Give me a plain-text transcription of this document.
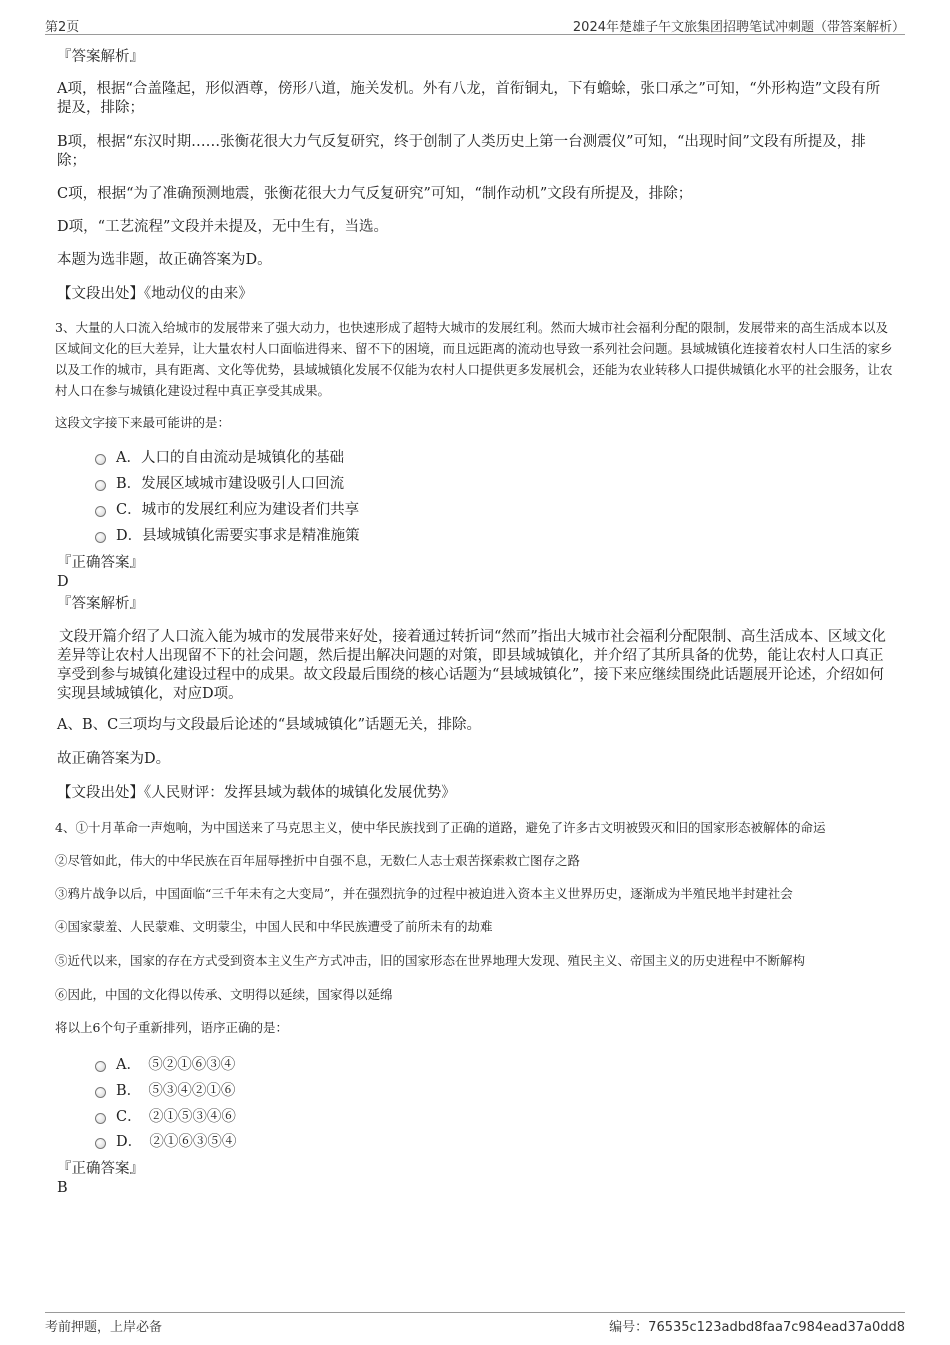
第2页	2024年楚雄子午文旅集团招聘笔试冲刺题（带答案解析）

『答案解析』

A项，根据“合盖隆起，形似酒尊，傍形八道，施关发机。外有八龙，首衔铜丸，下有蟾蜍，张口承之”可知，“外形构造”文段有所提及，排除；

B项，根据“东汉时期……张衡花很大力气反复研究，终于创制了人类历史上第一台测震仪”可知，“出现时间”文段有所提及，排除；

C项，根据“为了准确预测地震，张衡花很大力气反复研究”可知，“制作动机”文段有所提及，排除；

D项，“工艺流程”文段并未提及，无中生有，当选。

本题为选非题，故正确答案为D。

【文段出处】《地动仪的由来》

3、大量的人口流入给城市的发展带来了强大动力，也快速形成了超特大城市的发展红利。然而大城市社会福利分配的限制，发展带来的高生活成本以及区域间文化的巨大差异，让大量农村人口面临进得来、留不下的困境，而且远距离的流动也导致一系列社会问题。县域城镇化连接着农村人口生活的家乡以及工作的城市，具有距离、文化等优势，县域城镇化发展不仅能为农村人口提供更多发展机会，还能为农业转移人口提供城镇化水平的社会服务，让农村人口在参与城镇化建设过程中真正享受其成果。

这段文字接下来最可能讲的是：

A．人口的自由流动是城镇化的基础
B．发展区域城市建设吸引人口回流
C．城市的发展红利应为建设者们共享
D．县域城镇化需要实事求是精准施策

『正确答案』

D

『答案解析』

文段开篇介绍了人口流入能为城市的发展带来好处，接着通过转折词“然而”指出大城市社会福利分配限制、高生活成本、区域文化差异等让农村人出现留不下的社会问题，然后提出解决问题的对策，即县域城镇化，并介绍了其所具备的优势，能让农村人口真正享受到参与城镇化建设过程中的成果。故文段最后围绕的核心话题为“县域城镇化”，接下来应继续围绕此话题展开论述，介绍如何实现县域城镇化，对应D项。

A、B、C三项均与文段最后论述的“县域城镇化”话题无关，排除。

故正确答案为D。

【文段出处】《人民财评：发挥县域为载体的城镇化发展优势》

4、①十月革命一声炮响，为中国送来了马克思主义，使中华民族找到了正确的道路，避免了许多古文明被毁灭和旧的国家形态被解体的命运

②尽管如此，伟大的中华民族在百年屈辱挫折中自强不息，无数仁人志士艰苦探索救亡图存之路

③鸦片战争以后，中国面临“三千年未有之大变局”，并在强烈抗争的过程中被迫进入资本主义世界历史，逐渐成为半殖民地半封建社会

④国家蒙羞、人民蒙难、文明蒙尘，中国人民和中华民族遭受了前所未有的劫难

⑤近代以来，国家的存在方式受到资本主义生产方式冲击，旧的国家形态在世界地理大发现、殖民主义、帝国主义的历史进程中不断解构

⑥因此，中国的文化得以传承、文明得以延续，国家得以延绵

将以上6个句子重新排列，语序正确的是：

A．　⑤②①⑥③④
B．　⑤③④②①⑥
C．　②①⑤③④⑥
D．　②①⑥③⑤④

『正确答案』

B

考前押题，上岸必备	编号：76535c123adbd8faa7c984ead37a0dd8
